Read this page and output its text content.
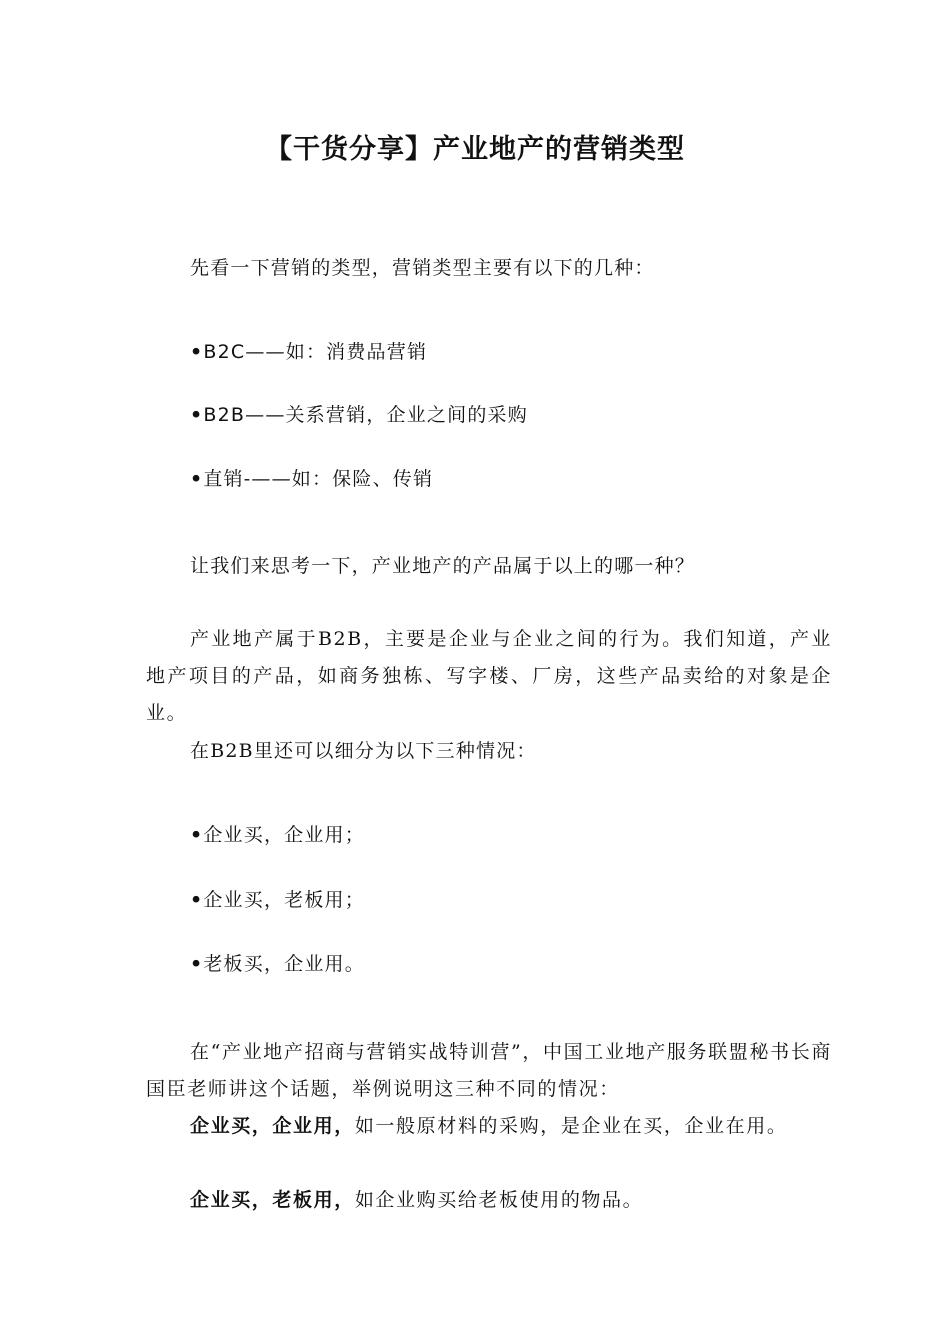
【干货分享】产业地产的营销类型
先看一下营销的类型，营销类型主要有以下的几种：
•B2C——如：消费品营销
•B2B——关系营销，企业之间的采购
•直销-——如：保险、传销
让我们来思考一下，产业地产的产品属于以上的哪一种？
产业地产属于B2B，主要是企业与企业之间的行为。我们知道，产业地产项目的产品，如商务独栋、写字楼、厂房，这些产品卖给的对象是企业。
在B2B里还可以细分为以下三种情况：
•企业买，企业用；
•企业买，老板用；
•老板买，企业用。
在“产业地产招商与营销实战特训营”，中国工业地产服务联盟秘书长商国臣老师讲这个话题，举例说明这三种不同的情况：
企业买，企业用，如一般原材料的采购，是企业在买，企业在用。
企业买，老板用，如企业购买给老板使用的物品。
